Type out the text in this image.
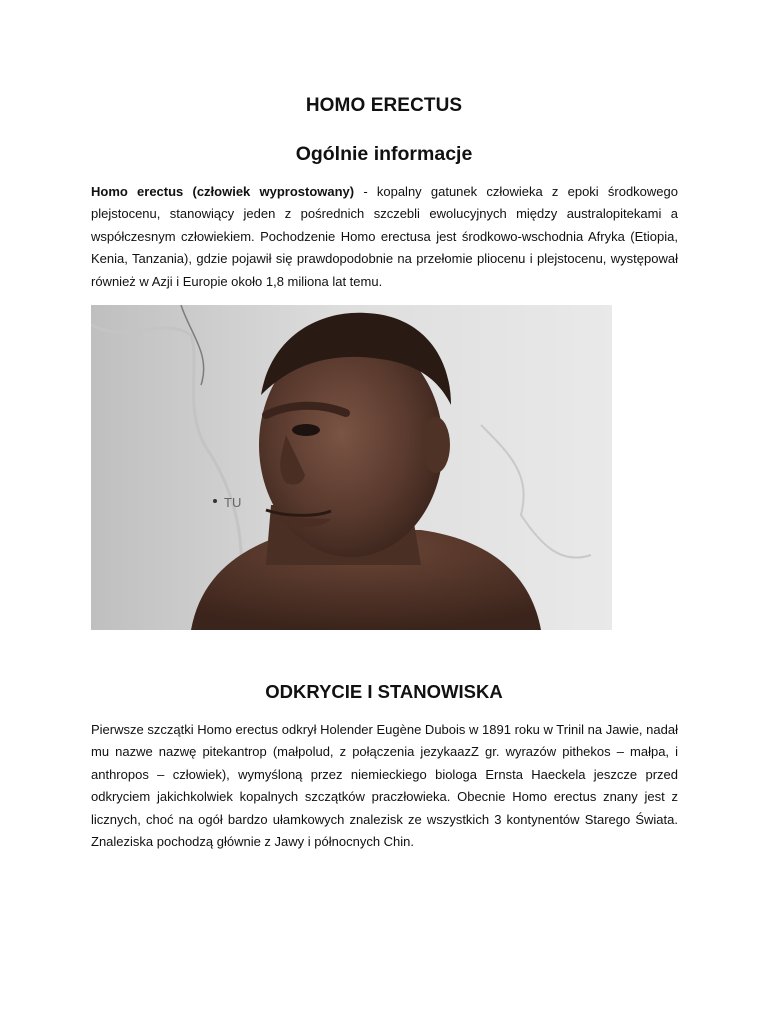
HOMO ERECTUS
Ogólnie informacje

Homo erectus (człowiek wyprostowany) - kopalny gatunek człowieka z epoki środkowego plejstocenu, stanowiący jeden z pośrednich szczebli ewolucyjnych między australopitekami a współczesnym człowiekiem. Pochodzenie Homo erectusa jest środkowo-wschodnia Afryka (Etiopia, Kenia, Tanzania), gdzie pojawił się prawdopodobnie na przełomie pliocenu i plejstocenu, występował również w Azji i Europie około 1,8 miliona lat temu.

TU
ODKRYCIE I STANOWISKA

Pierwsze szczątki Homo erectus odkrył Holender Eugène Dubois w 1891 roku w Trinil na Jawie, nadał mu nazwe nazwę pitekantrop (małpolud, z połączenia jezykaazZ gr. wyrazów pithekos – małpa, i anthropos – człowiek), wymyśloną przez niemieckiego biologa Ernsta Haeckela jeszcze przed odkryciem jakichkolwiek kopalnych szczątków praczłowieka. Obecnie Homo erectus znany jest z licznych, choć na ogół bardzo ułamkowych znalezisk ze wszystkich 3 kontynentów Starego Świata. Znaleziska pochodzą głównie z Jawy i północnych Chin.
